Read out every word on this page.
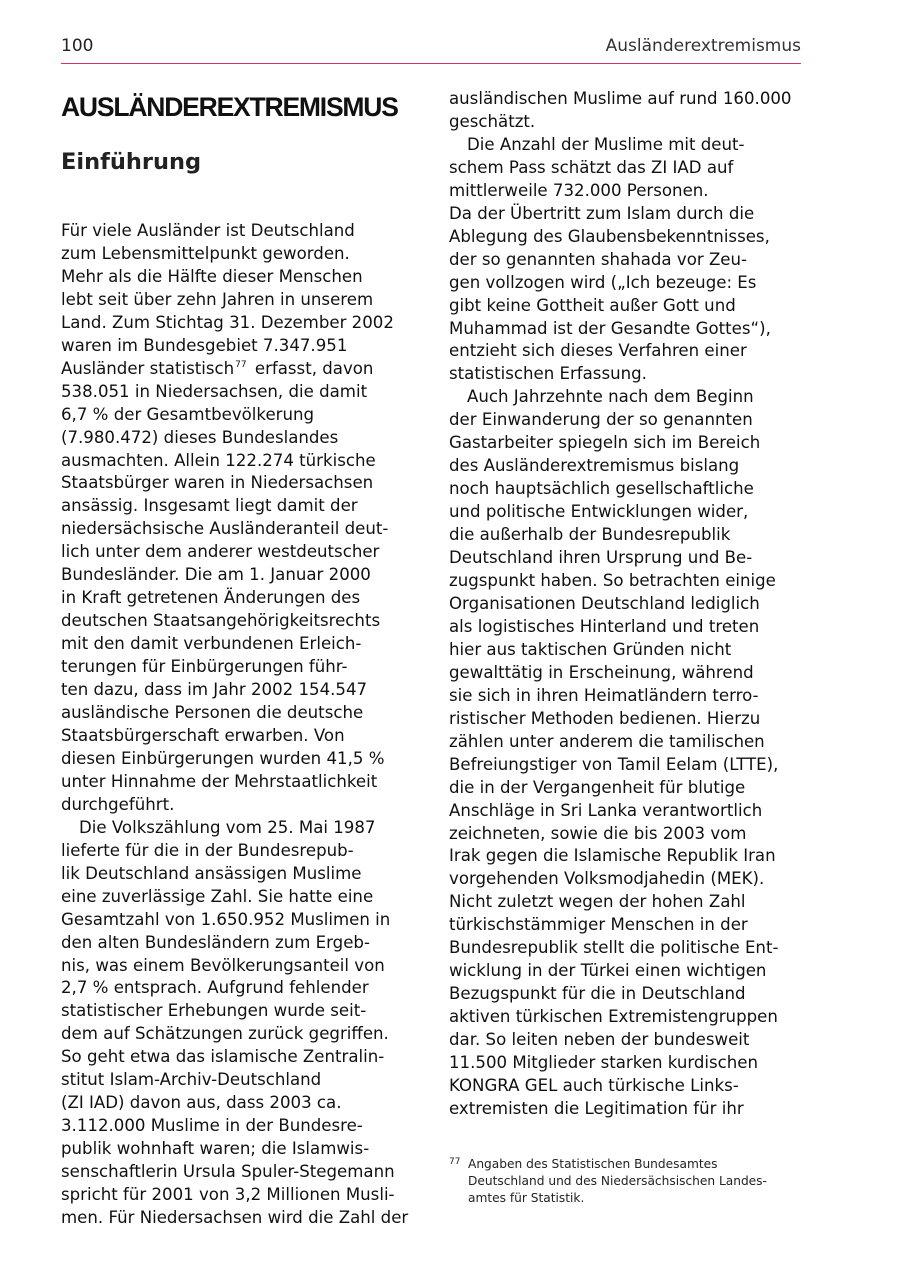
100	Ausländerextremismus
AUSLÄNDEREXTREMISMUS
Einführung
Für viele Ausländer ist Deutschland
zum Lebensmittelpunkt geworden.
Mehr als die Hälfte dieser Menschen
lebt seit über zehn Jahren in unserem
Land. Zum Stichtag 31. Dezember 2002
waren im Bundesgebiet 7.347.951
Ausländer statistisch$^{77}$ erfasst, davon
538.051 in Niedersachsen, die damit
6,7 % der Gesamtbevölkerung
(7.980.472) dieses Bundeslandes
ausmachten. Allein 122.274 türkische
Staatsbürger waren in Niedersachsen
ansässig. Insgesamt liegt damit der
niedersächsische Ausländeranteil deut-
lich unter dem anderer westdeutscher
Bundesländer. Die am 1. Januar 2000
in Kraft getretenen Änderungen des
deutschen Staatsangehörigkeitsrechts
mit den damit verbundenen Erleich-
terungen für Einbürgerungen führ-
ten dazu, dass im Jahr 2002 154.547
ausländische Personen die deutsche
Staatsbürgerschaft erwarben. Von
diesen Einbürgerungen wurden 41,5 %
unter Hinnahme der Mehrstaatlichkeit
durchgeführt.
Die Volkszählung vom 25. Mai 1987
lieferte für die in der Bundesrepub-
lik Deutschland ansässigen Muslime
eine zuverlässige Zahl. Sie hatte eine
Gesamtzahl von 1.650.952 Muslimen in
den alten Bundesländern zum Ergeb-
nis, was einem Bevölkerungsanteil von
2,7 % entsprach. Aufgrund fehlender
statistischer Erhebungen wurde seit-
dem auf Schätzungen zurück gegriffen.
So geht etwa das islamische Zentralin-
stitut Islam-Archiv-Deutschland
(ZI IAD) davon aus, dass 2003 ca.
3.112.000 Muslime in der Bundesre-
publik wohnhaft waren; die Islamwis-
senschaftlerin Ursula Spuler-Stegemann
spricht für 2001 von 3,2 Millionen Musli-
men. Für Niedersachsen wird die Zahl der
ausländischen Muslime auf rund 160.000
geschätzt.
Die Anzahl der Muslime mit deut-
schem Pass schätzt das ZI IAD auf
mittlerweile 732.000 Personen.
Da der Übertritt zum Islam durch die
Ablegung des Glaubensbekenntnisses,
der so genannten shahada vor Zeu-
gen vollzogen wird („Ich bezeuge: Es
gibt keine Gottheit außer Gott und
Muhammad ist der Gesandte Gottes“),
entzieht sich dieses Verfahren einer
statistischen Erfassung.
Auch Jahrzehnte nach dem Beginn
der Einwanderung der so genannten
Gastarbeiter spiegeln sich im Bereich
des Ausländerextremismus bislang
noch hauptsächlich gesellschaftliche
und politische Entwicklungen wider,
die außerhalb der Bundesrepublik
Deutschland ihren Ursprung und Be-
zugspunkt haben. So betrachten einige
Organisationen Deutschland lediglich
als logistisches Hinterland und treten
hier aus taktischen Gründen nicht
gewalttätig in Erscheinung, während
sie sich in ihren Heimatländern terro-
ristischer Methoden bedienen. Hierzu
zählen unter anderem die tamilischen
Befreiungstiger von Tamil Eelam (LTTE),
die in der Vergangenheit für blutige
Anschläge in Sri Lanka verantwortlich
zeichneten, sowie die bis 2003 vom
Irak gegen die Islamische Republik Iran
vorgehenden Volksmodjahedin (MEK).
Nicht zuletzt wegen der hohen Zahl
türkischstämmiger Menschen in der
Bundesrepublik stellt die politische Ent-
wicklung in der Türkei einen wichtigen
Bezugspunkt für die in Deutschland
aktiven türkischen Extremistengruppen
dar. So leiten neben der bundesweit
11.500 Mitglieder starken kurdischen
KONGRA GEL auch türkische Links-
extremisten die Legitimation für ihr
77 Angaben des Statistischen Bundesamtes
Deutschland und des Niedersächsischen Landes-
amtes für Statistik.
